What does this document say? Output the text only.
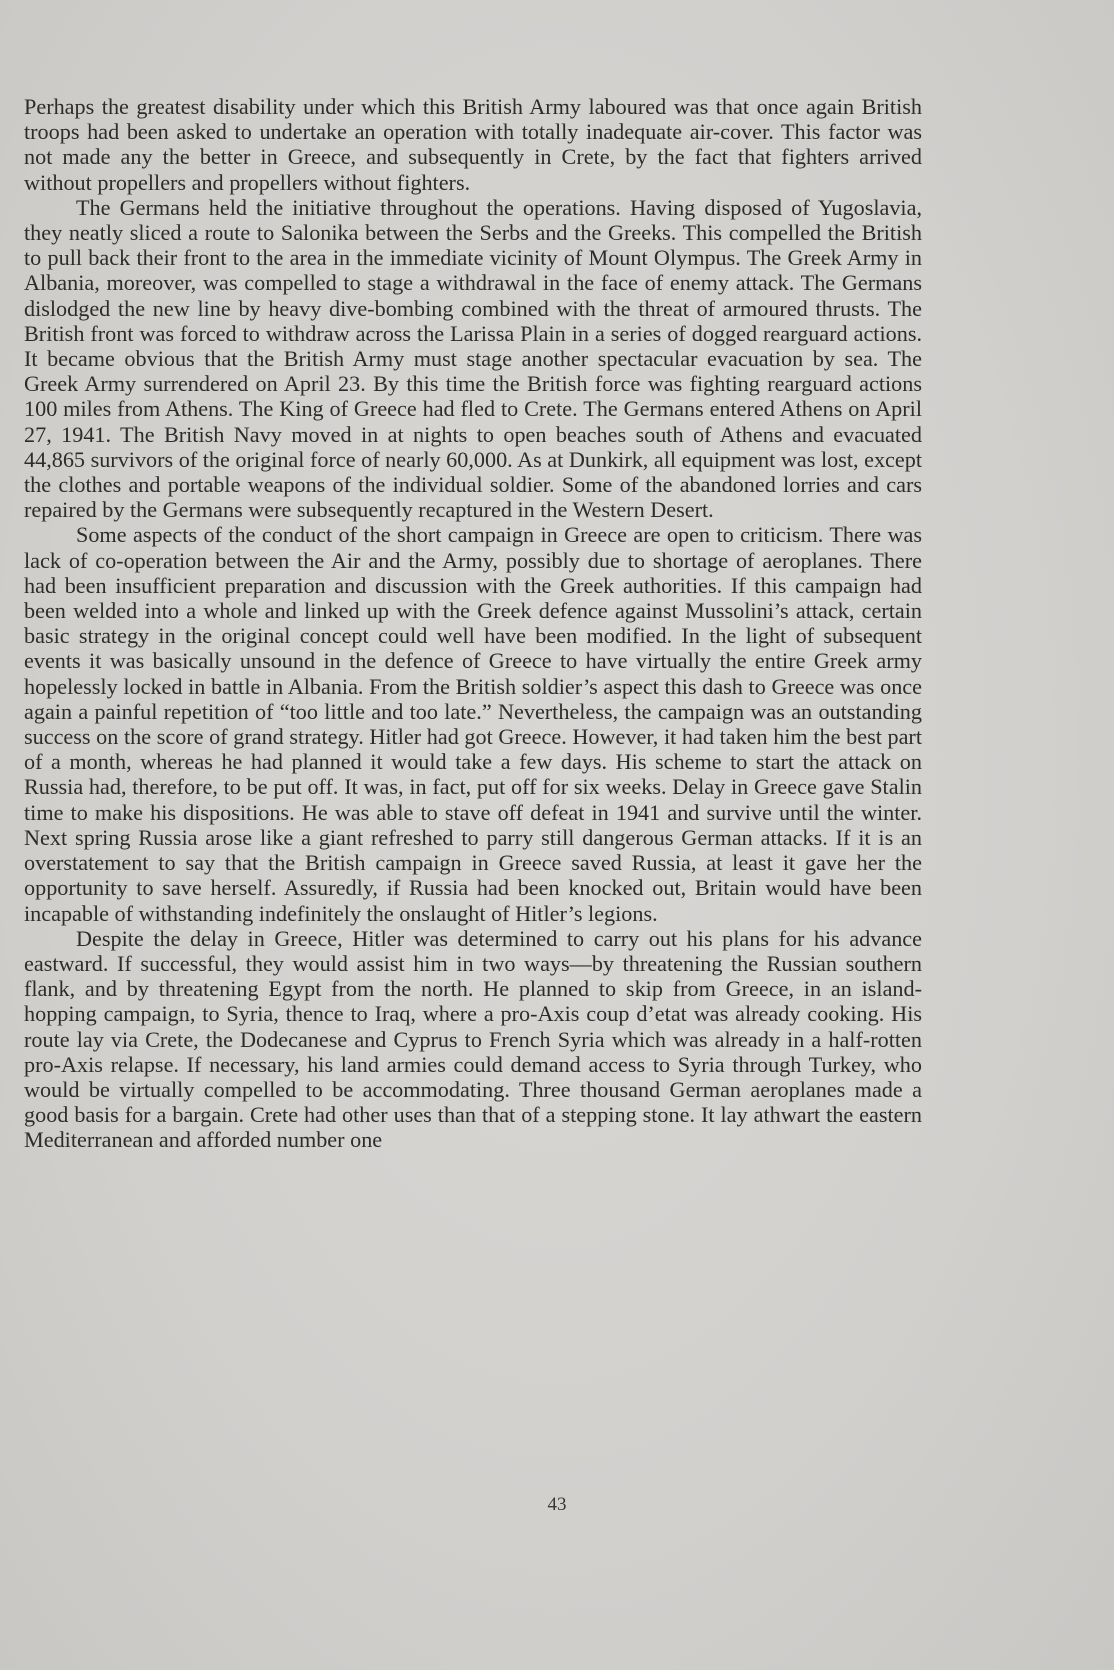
Perhaps the greatest disability under which this British Army laboured was that once again British troops had been asked to undertake an operation with totally inadequate air-cover. This factor was not made any the better in Greece, and subsequently in Crete, by the fact that fighters arrived without propellers and propellers without fighters.

The Germans held the initiative throughout the operations. Having disposed of Yugoslavia, they neatly sliced a route to Salonika between the Serbs and the Greeks. This compelled the British to pull back their front to the area in the immediate vicinity of Mount Olympus. The Greek Army in Albania, moreover, was compelled to stage a withdrawal in the face of enemy attack. The Germans dislodged the new line by heavy dive-bombing combined with the threat of armoured thrusts. The British front was forced to withdraw across the Larissa Plain in a series of dogged rearguard actions. It became obvious that the British Army must stage another spectacular evacuation by sea. The Greek Army surrendered on April 23. By this time the British force was fighting rearguard actions 100 miles from Athens. The King of Greece had fled to Crete. The Germans entered Athens on April 27, 1941. The British Navy moved in at nights to open beaches south of Athens and evacuated 44,865 survivors of the original force of nearly 60,000. As at Dunkirk, all equipment was lost, except the clothes and portable weapons of the individual soldier. Some of the abandoned lorries and cars repaired by the Germans were subsequently recaptured in the Western Desert.

Some aspects of the conduct of the short campaign in Greece are open to criticism. There was lack of co-operation between the Air and the Army, possibly due to shortage of aeroplanes. There had been insufficient preparation and discussion with the Greek authorities. If this campaign had been welded into a whole and linked up with the Greek defence against Mussolini’s attack, certain basic strategy in the original concept could well have been modified. In the light of subsequent events it was basically unsound in the defence of Greece to have virtually the entire Greek army hopelessly locked in battle in Albania. From the British soldier’s aspect this dash to Greece was once again a painful repetition of “too little and too late.” Nevertheless, the campaign was an outstanding success on the score of grand strategy. Hitler had got Greece. However, it had taken him the best part of a month, whereas he had planned it would take a few days. His scheme to start the attack on Russia had, therefore, to be put off. It was, in fact, put off for six weeks. Delay in Greece gave Stalin time to make his dispositions. He was able to stave off defeat in 1941 and survive until the winter. Next spring Russia arose like a giant refreshed to parry still dangerous German attacks. If it is an overstatement to say that the British campaign in Greece saved Russia, at least it gave her the opportunity to save herself. Assuredly, if Russia had been knocked out, Britain would have been incapable of withstanding indefinitely the onslaught of Hitler’s legions.

Despite the delay in Greece, Hitler was determined to carry out his plans for his advance eastward. If successful, they would assist him in two ways—by threatening the Russian southern flank, and by threatening Egypt from the north. He planned to skip from Greece, in an island-hopping campaign, to Syria, thence to Iraq, where a pro-Axis coup d’etat was already cooking. His route lay via Crete, the Dodecanese and Cyprus to French Syria which was already in a half-rotten pro-Axis relapse. If necessary, his land armies could demand access to Syria through Turkey, who would be virtually compelled to be accommodating. Three thousand German aeroplanes made a good basis for a bargain. Crete had other uses than that of a stepping stone. It lay athwart the eastern Mediterranean and afforded number one

43
